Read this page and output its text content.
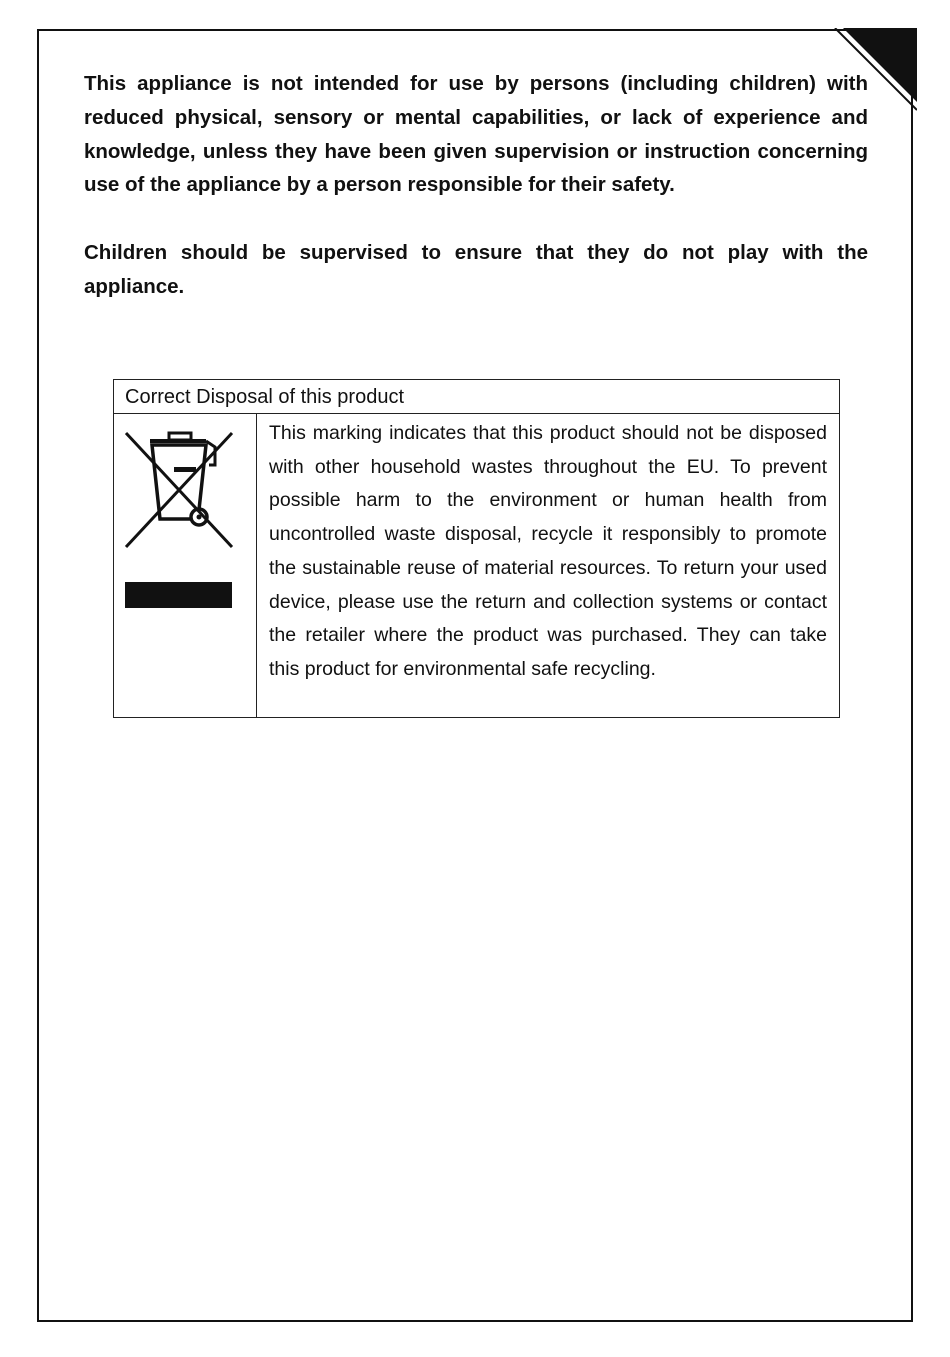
This appliance is not intended for use by persons (including children) with reduced physical, sensory or mental capabilities, or lack of experience and knowledge, unless they have been given supervision or instruction concerning use of the appliance by a person responsible for their safety.

Children should be supervised to ensure that they do not play with the appliance.

Correct Disposal of this product
This marking indicates that this product should not be disposed with other household wastes throughout the EU. To prevent possible harm to the environment or human health from uncontrolled waste disposal, recycle it responsibly to promote the sustainable reuse of material resources. To return your used device, please use the return and collection systems or contact the retailer where the product was purchased. They can take this product for environmental safe recycling.
